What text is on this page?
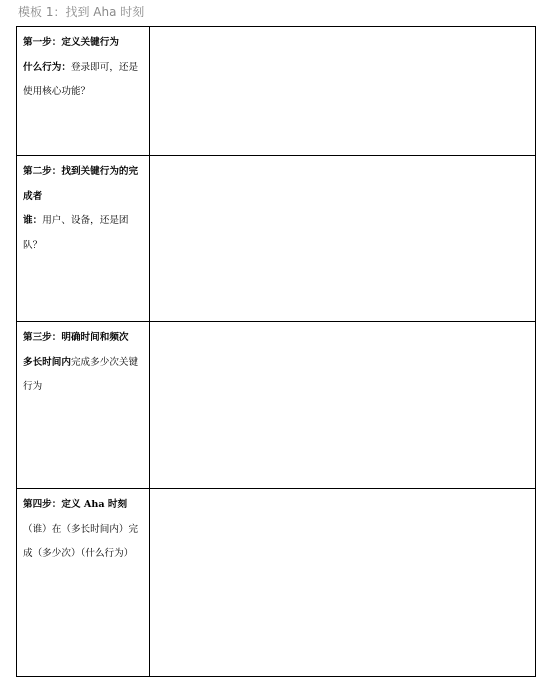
模板 1：找到 Aha 时刻
第一步：定义关键行为
什么行为：登录即可，还是使用核心功能？	

第二步：找到关键行为的完成者
谁：用户、设备，还是团队？	

第三步：明确时间和频次
多长时间内完成多少次关键行为	

第四步：定义 Aha 时刻
（谁）在（多长时间内）完成（多少次）（什么行为）	
